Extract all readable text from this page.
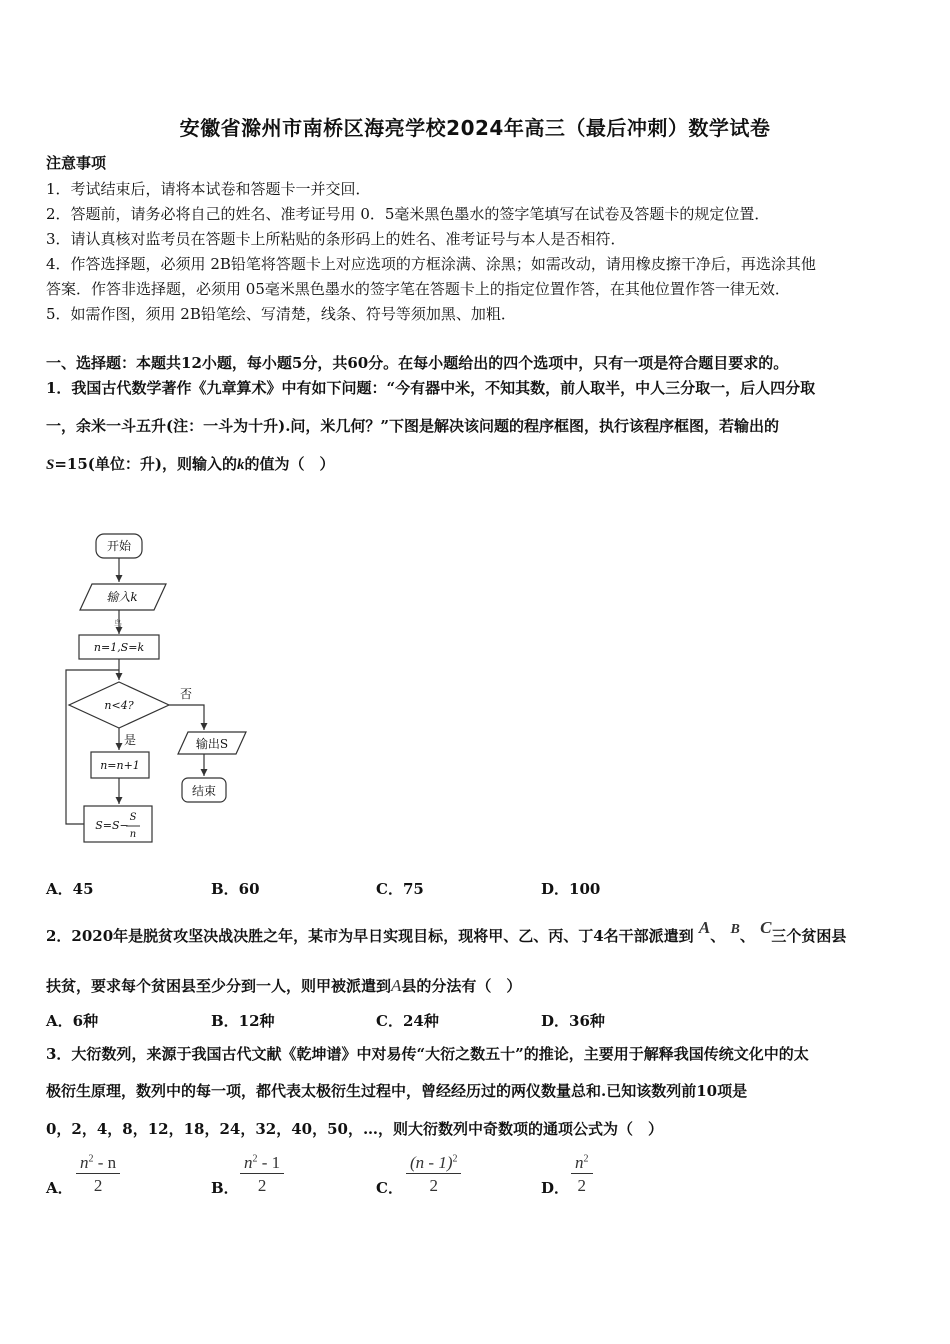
安徽省滁州市南桥区海亮学校2024年高三（最后冲刺）数学试卷
注意事项
1．考试结束后，请将本试卷和答题卡一并交回．
2．答题前，请务必将自己的姓名、准考证号用 0．5毫米黑色墨水的签字笔填写在试卷及答题卡的规定位置．
3．请认真核对监考员在答题卡上所粘贴的条形码上的姓名、准考证号与本人是否相符．
4．作答选择题，必须用 2B铅笔将答题卡上对应选项的方框涂满、涂黑；如需改动，请用橡皮擦干净后，再选涂其他
答案．作答非选择题，必须用 05毫米黑色墨水的签字笔在答题卡上的指定位置作答，在其他位置作答一律无效．
5．如需作图，须用 2B铅笔绘、写清楚，线条、符号等须加黑、加粗．
一、选择题：本题共12小题，每小题5分，共60分。在每小题给出的四个选项中，只有一项是符合题目要求的。
1．我国古代数学著作《九章算术》中有如下问题：“今有器中米，不知其数，前人取半，中人三分取一，后人四分取
一，余米一斗五升(注：一斗为十升).问，米几何？”下图是解决该问题的程序框图，执行该程序框图，若输出的
S=15(单位：升)，则输入的k的值为（　）
开始
输入k
鸟
n=1,S=k
n<4?
否
是
n=n+1
S=S−
S
n
输出S
结束
A．45	B．60	C．75	D．100
2．2020年是脱贫攻坚决战决胜之年，某市为早日实现目标，现将甲、乙、丙、丁4名干部派遣到 A、 B、 C三个贫困县
扶贫，要求每个贫困县至少分到一人，则甲被派遣到A县的分法有（　）
A．6种	B．12种	C．24种	D．36种
3．大衍数列，来源于我国古代文献《乾坤谱》中对易传“大衍之数五十”的推论，主要用于解释我国传统文化中的太
极衍生原理，数列中的每一项，都代表太极衍生过程中，曾经经历过的两仪数量总和.已知该数列前10项是
0，2，4，8，12，18，24，32，40，50，…，则大衍数列中奇数项的通项公式为（　）
A．
$n^2$ - n
2	B．
$n^2 - 1$
2	C．
(n - 1)$^2$
2	D．
$n^2$
2
